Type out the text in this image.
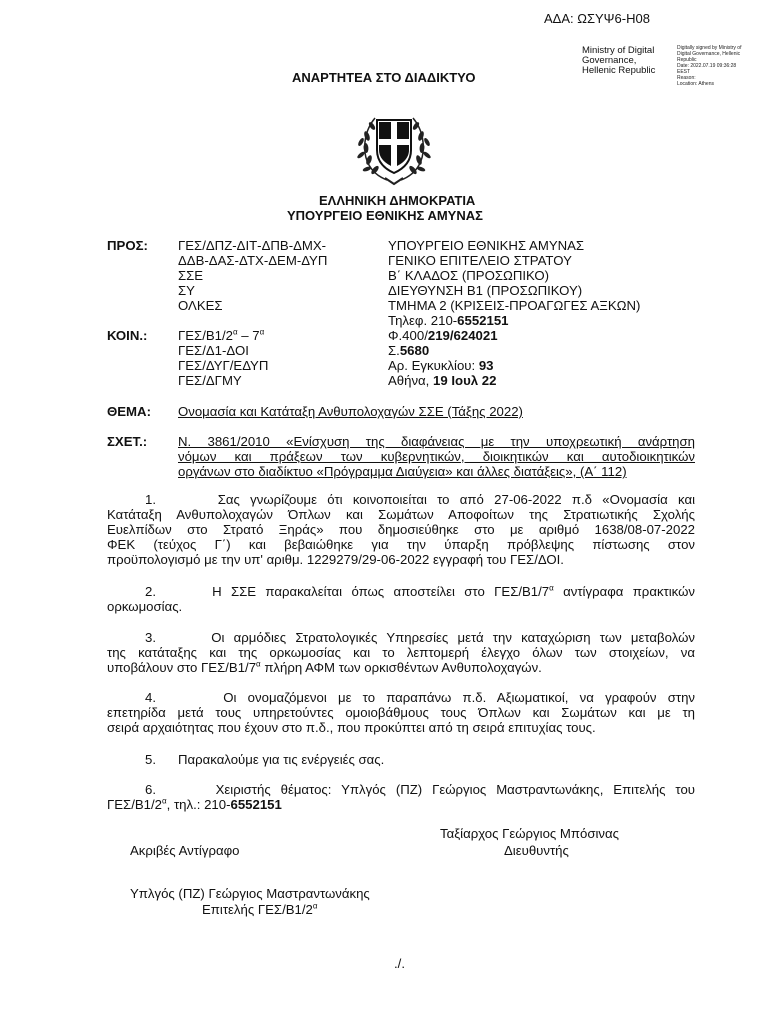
ΑΔΑ: ΩΣΥΨ6-Η08
Ministry of Digital
Governance,
Hellenic Republic
Digitally signed by Ministry of
Digital Governance, Hellenic
Republic
Date: 2022.07.19 09:36:28
EEST
Reason:
Location: Athens
ΑΝΑΡΤΗΤΕΑ ΣΤΟ ΔΙΑΔΙΚΤΥΟ
ΕΛΛΗΝΙΚΗ ΔΗΜΟΚΡΑΤΙΑ
ΥΠΟΥΡΓΕΙΟ ΕΘΝΙΚΗΣ ΑΜΥΝΑΣ
ΠΡΟΣ: ΓΕΣ/ΔΠΖ-ΔΙΤ-ΔΠΒ-ΔΜΧ-
ΔΔΒ-ΔΑΣ-ΔΤΧ-ΔΕΜ-ΔΥΠ
ΣΣΕ
ΣΥ
ΟΛΚΕΣ
ΥΠΟΥΡΓΕΙΟ ΕΘΝΙΚΗΣ ΑΜΥΝΑΣ
ΓΕΝΙΚΟ ΕΠΙΤΕΛΕΙΟ ΣΤΡΑΤΟΥ
Β΄ ΚΛΑΔΟΣ (ΠΡΟΣΩΠΙΚΟ)
ΔΙΕΥΘΥΝΣΗ Β1 (ΠΡΟΣΩΠΙΚΟΥ)
ΤΜΗΜΑ 2 (ΚΡΙΣΕΙΣ-ΠΡΟΑΓΩΓΕΣ ΑΞΚΩΝ)
Τηλεφ. 210-6552151
Φ.400/219/624021
Σ.5680
Αρ. Εγκυκλίου: 93
Αθήνα, 19 Ιουλ 22
ΚΟΙΝ.: ΓΕΣ/$B1/2^\alpha - 7^\alpha$
ΓΕΣ/Δ1-ΔΟΙ
ΓΕΣ/ΔΥΓ/ΕΔΥΠ
ΓΕΣ/ΔΓΜΥ
ΘΕΜΑ: Ονομασία και Κατάταξη Ανθυπολοχαγών ΣΣΕ (Τάξης 2022)
ΣΧΕΤ.: Ν. 3861/2010 «Ενίσχυση της διαφάνειας με την υποχρεωτική ανάρτηση
νόμων και πράξεων των κυβερνητικών, διοικητικών και αυτοδιοικητικών
οργάνων στο διαδίκτυο «Πρόγραμμα Διαύγεια» και άλλες διατάξεις», (Α΄ 112)
1.      Σας γνωρίζουμε ότι κοινοποιείται το από 27-06-2022 π.δ «Ονομασία και
Κατάταξη Ανθυπολοχαγών Όπλων και Σωμάτων Αποφοίτων της Στρατιωτικής Σχολής
Ευελπίδων στο Στρατό Ξηράς» που δημοσιεύθηκε στο με αριθμό 1638/08-07-2022
ΦΕΚ (τεύχος Γ΄) και βεβαιώθηκε για την ύπαρξη πρόβλεψης πίστωσης στον
προϋπολογισμό με την υπ' αριθμ. 1229279/29-06-2022 εγγραφή του ΓΕΣ/ΔΟΙ.
2.      Η ΣΣΕ παρακαλείται όπως αποστείλει στο ΓΕΣ/$B1/7^\alpha$ αντίγραφα πρακτικών
ορκωμοσίας.
3.      Οι αρμόδιες Στρατολογικές Υπηρεσίες μετά την καταχώριση των μεταβολών
της κατάταξης και της ορκωμοσίας και το λεπτομερή έλεγχο όλων των στοιχείων, να
υποβάλουν στο ΓΕΣ/$B1/7^\alpha$ πλήρη ΑΦΜ των ορκισθέντων Ανθυπολοχαγών.
4.      Οι ονομαζόμενοι με το παραπάνω π.δ. Αξιωματικοί, να γραφούν στην
επετηρίδα μετά τους υπηρετούντες ομοιοβάθμους τους Όπλων και Σωμάτων και με τη
σειρά αρχαιότητας που έχουν στο π.δ., που προκύπτει από τη σειρά επιτυχίας τους.
5.      Παρακαλούμε για τις ενέργειές σας.
6.      Χειριστής θέματος: Υπλγός (ΠΖ) Γεώργιος Μαστραντωνάκης, Επιτελής του
ΓΕΣ/$B1/2^\alpha$, τηλ.: 210-6552151
Ταξίαρχος Γεώργιος Μπόσινας
Διευθυντής
Ακριβές Αντίγραφο
Υπλγός (ΠΖ) Γεώργιος Μαστραντωνάκης
Επιτελής ΓΕΣ/$B1/2^\alpha$
./.
